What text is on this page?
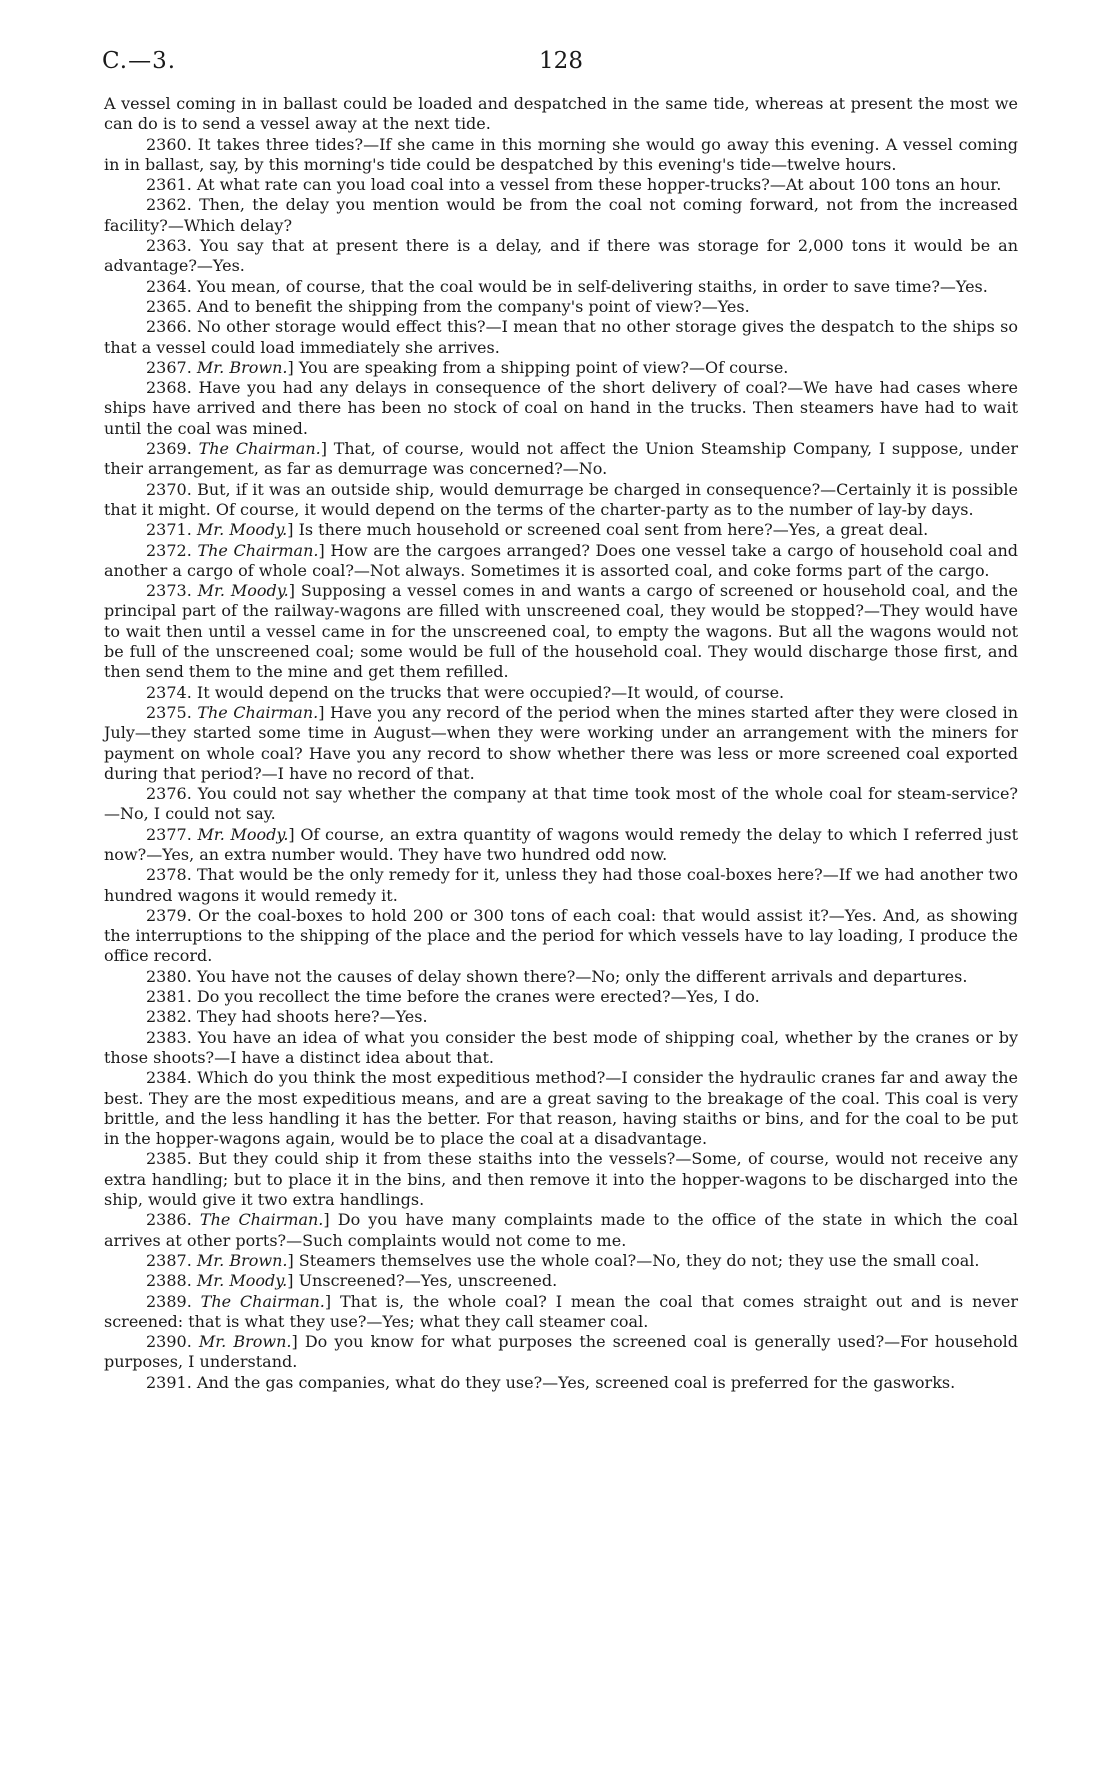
C.—3.	128

A vessel coming in in ballast could be loaded and despatched in the same tide, whereas at present the most we can do is to send a vessel away at the next tide.

2360. It takes three tides?—If she came in this morning she would go away this evening. A vessel coming in in ballast, say, by this morning's tide could be despatched by this evening's tide—twelve hours.

2361. At what rate can you load coal into a vessel from these hopper-trucks?—At about 100 tons an hour.

2362. Then, the delay you mention would be from the coal not coming forward, not from the increased facility?—Which delay?

2363. You say that at present there is a delay, and if there was storage for 2,000 tons it would be an advantage?—Yes.

2364. You mean, of course, that the coal would be in self-delivering staiths, in order to save time?—Yes.

2365. And to benefit the shipping from the company's point of view?—Yes.

2366. No other storage would effect this?—I mean that no other storage gives the despatch to the ships so that a vessel could load immediately she arrives.

2367. Mr. Brown.] You are speaking from a shipping point of view?—Of course.

2368. Have you had any delays in consequence of the short delivery of coal?—We have had cases where ships have arrived and there has been no stock of coal on hand in the trucks. Then steamers have had to wait until the coal was mined.

2369. The Chairman.] That, of course, would not affect the Union Steamship Company, I suppose, under their arrangement, as far as demurrage was concerned?—No.

2370. But, if it was an outside ship, would demurrage be charged in consequence?—Certainly it is possible that it might. Of course, it would depend on the terms of the charter-party as to the number of lay-by days.

2371. Mr. Moody.] Is there much household or screened coal sent from here?—Yes, a great deal.

2372. The Chairman.] How are the cargoes arranged? Does one vessel take a cargo of household coal and another a cargo of whole coal?—Not always. Sometimes it is assorted coal, and coke forms part of the cargo.

2373. Mr. Moody.] Supposing a vessel comes in and wants a cargo of screened or household coal, and the principal part of the railway-wagons are filled with unscreened coal, they would be stopped?—They would have to wait then until a vessel came in for the unscreened coal, to empty the wagons. But all the wagons would not be full of the unscreened coal; some would be full of the household coal. They would discharge those first, and then send them to the mine and get them refilled.

2374. It would depend on the trucks that were occupied?—It would, of course.

2375. The Chairman.] Have you any record of the period when the mines started after they were closed in July—they started some time in August—when they were working under an arrangement with the miners for payment on whole coal? Have you any record to show whether there was less or more screened coal exported during that period?—I have no record of that.

2376. You could not say whether the company at that time took most of the whole coal for steam-service?—No, I could not say.

2377. Mr. Moody.] Of course, an extra quantity of wagons would remedy the delay to which I referred just now?—Yes, an extra number would. They have two hundred odd now.

2378. That would be the only remedy for it, unless they had those coal-boxes here?—If we had another two hundred wagons it would remedy it.

2379. Or the coal-boxes to hold 200 or 300 tons of each coal: that would assist it?—Yes. And, as showing the interruptions to the shipping of the place and the period for which vessels have to lay loading, I produce the office record.

2380. You have not the causes of delay shown there?—No; only the different arrivals and departures.

2381. Do you recollect the time before the cranes were erected?—Yes, I do.

2382. They had shoots here?—Yes.

2383. You have an idea of what you consider the best mode of shipping coal, whether by the cranes or by those shoots?—I have a distinct idea about that.

2384. Which do you think the most expeditious method?—I consider the hydraulic cranes far and away the best. They are the most expeditious means, and are a great saving to the breakage of the coal. This coal is very brittle, and the less handling it has the better. For that reason, having staiths or bins, and for the coal to be put in the hopper-wagons again, would be to place the coal at a disadvantage.

2385. But they could ship it from these staiths into the vessels?—Some, of course, would not receive any extra handling; but to place it in the bins, and then remove it into the hopper-wagons to be discharged into the ship, would give it two extra handlings.

2386. The Chairman.] Do you have many complaints made to the office of the state in which the coal arrives at other ports?—Such complaints would not come to me.

2387. Mr. Brown.] Steamers themselves use the whole coal?—No, they do not; they use the small coal.

2388. Mr. Moody.] Unscreened?—Yes, unscreened.

2389. The Chairman.] That is, the whole coal? I mean the coal that comes straight out and is never screened: that is what they use?—Yes; what they call steamer coal.

2390. Mr. Brown.] Do you know for what purposes the screened coal is generally used?—For household purposes, I understand.

2391. And the gas companies, what do they use?—Yes, screened coal is preferred for the gasworks.
